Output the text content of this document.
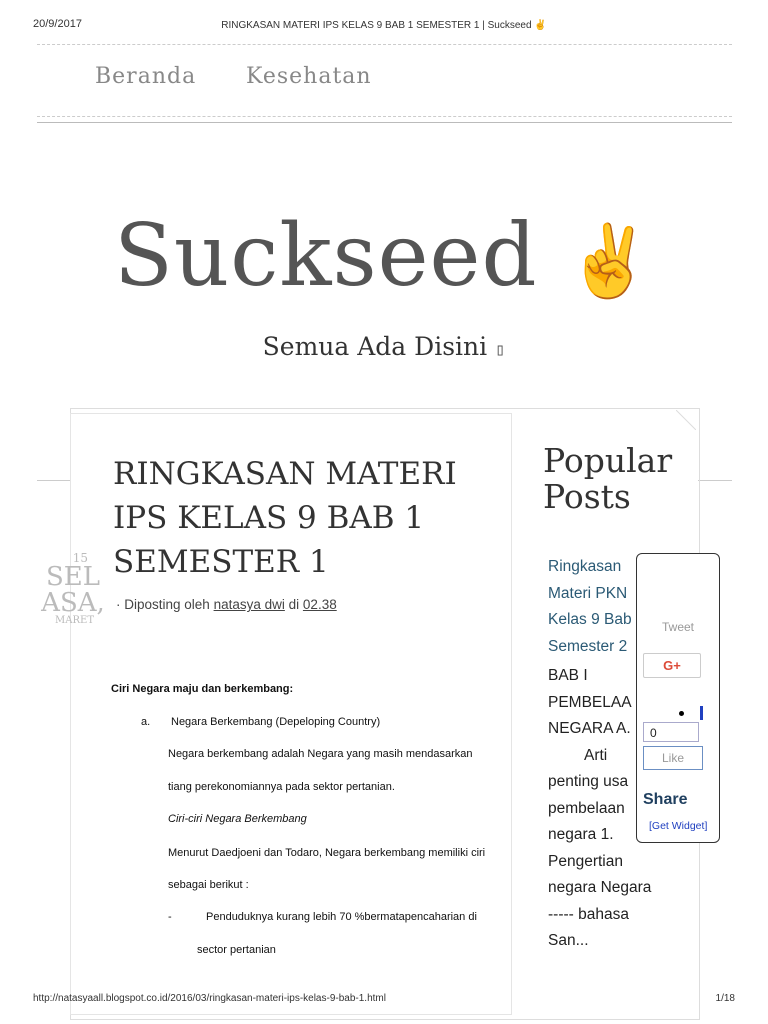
20/9/2017	RINGKASAN MATERI IPS KELAS 9 BAB 1 SEMESTER 1 | Suckseed ✌
Beranda Kesehatan
Suckseed ✌
Semua Ada Disini ▯
RINGKASAN MATERI IPS KELAS 9 BAB 1 SEMESTER 1
15
SEL
ASA,
MARET
· Diposting oleh natasya dwi di 02.38
Ciri Negara maju dan berkembang:
a. Negara Berkembang (Depeloping Country)
Negara berkembang adalah Negara yang masih mendasarkan
tiang perekonomiannya pada sektor pertanian.
Ciri-ciri Negara Berkembang
Menurut Daedjoeni dan Todaro, Negara berkembang memiliki ciri
sebagai berikut :
-	Penduduknya kurang lebih 70 %bermatapencaharian di
sector pertanian
Popular
Posts
Ringkasan
Materi PKN
Kelas 9 Bab
Semester 2
BAB I
PEMBELAA
NEGARA A.
Arti
penting usa
pembelaan
negara 1.
Pengertian
negara Negara
----- bahasa
San...
Tweet
G+
0
Like
Share
[Get Widget]
http://natasyaall.blogspot.co.id/2016/03/ringkasan-materi-ips-kelas-9-bab-1.html	1/18
